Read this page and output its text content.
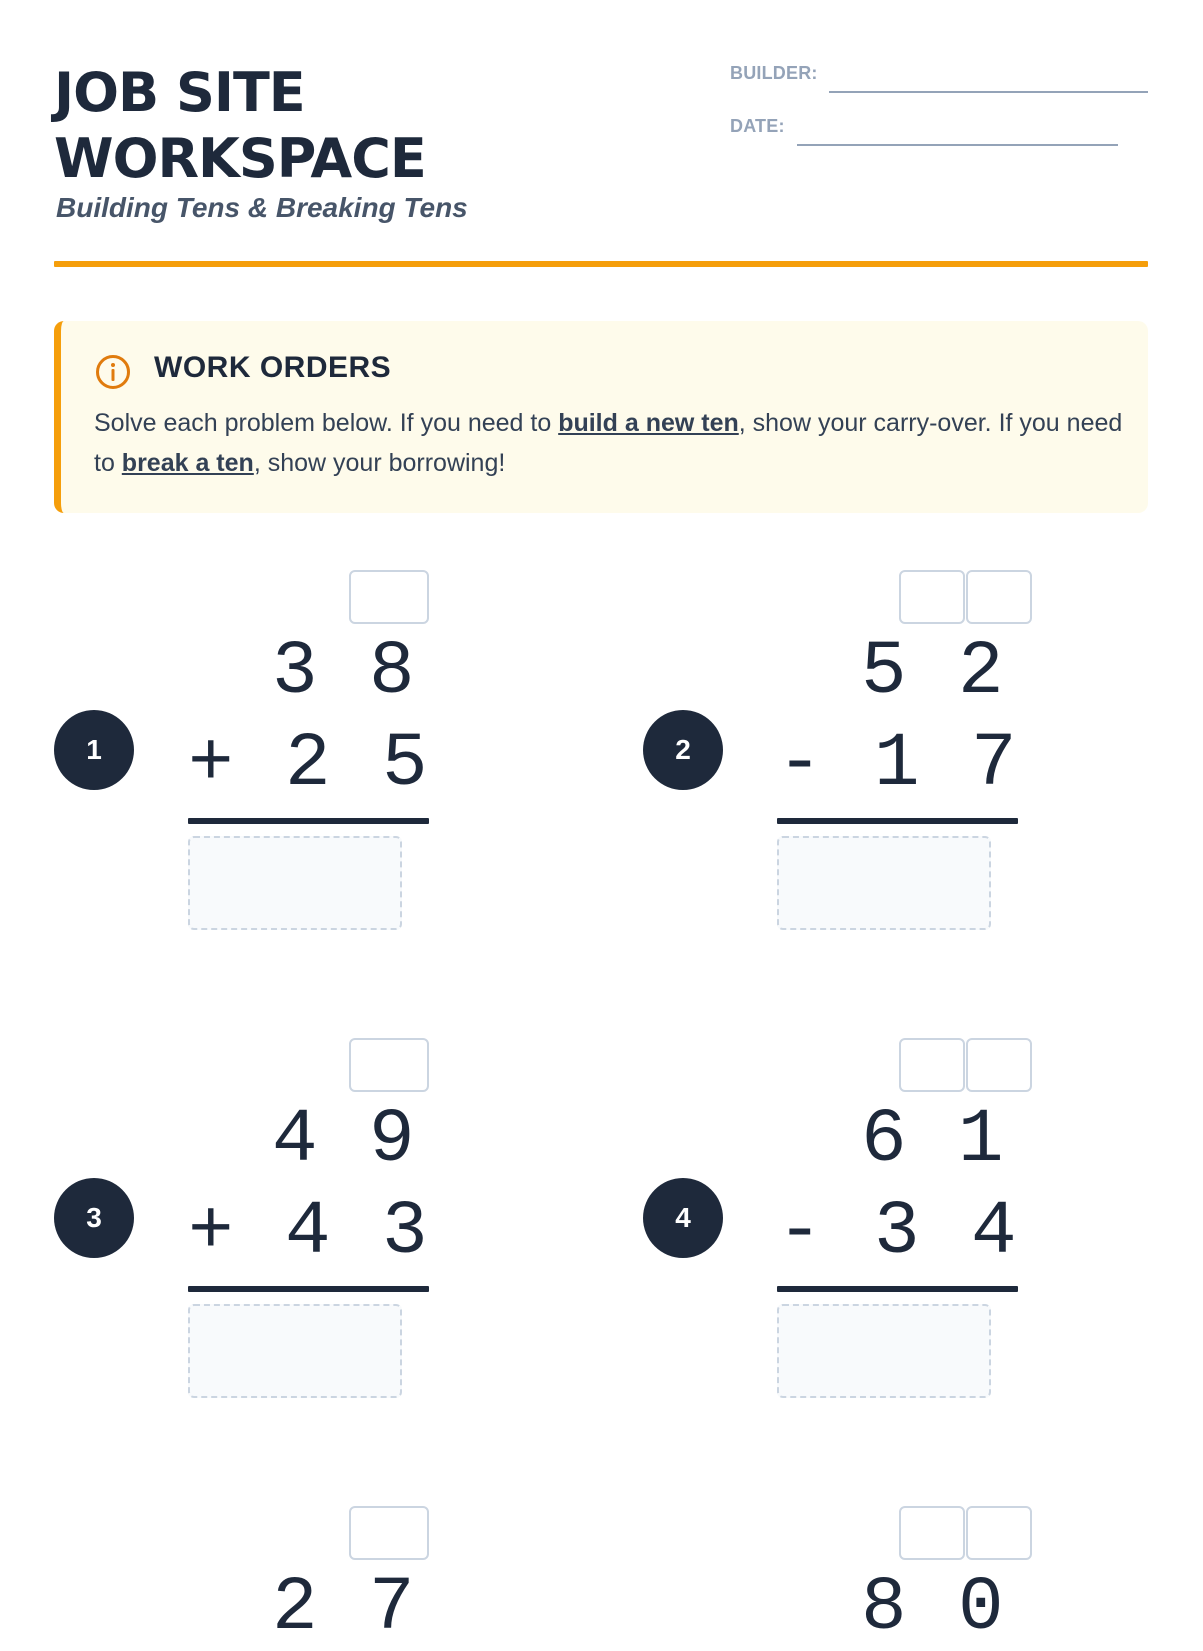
JOB SITE
WORKSPACE
Building Tens & Breaking Tens
BUILDER:
DATE:
WORK ORDERS
Solve each problem below. If you need to build a new ten, show your carry-over. If you need to break a ten, show your borrowing!
1
3 8
+ 2 5	2
5 2
- 1 7
3
4 9
+ 4 3	4
6 1
- 3 4
2 7	8 0
